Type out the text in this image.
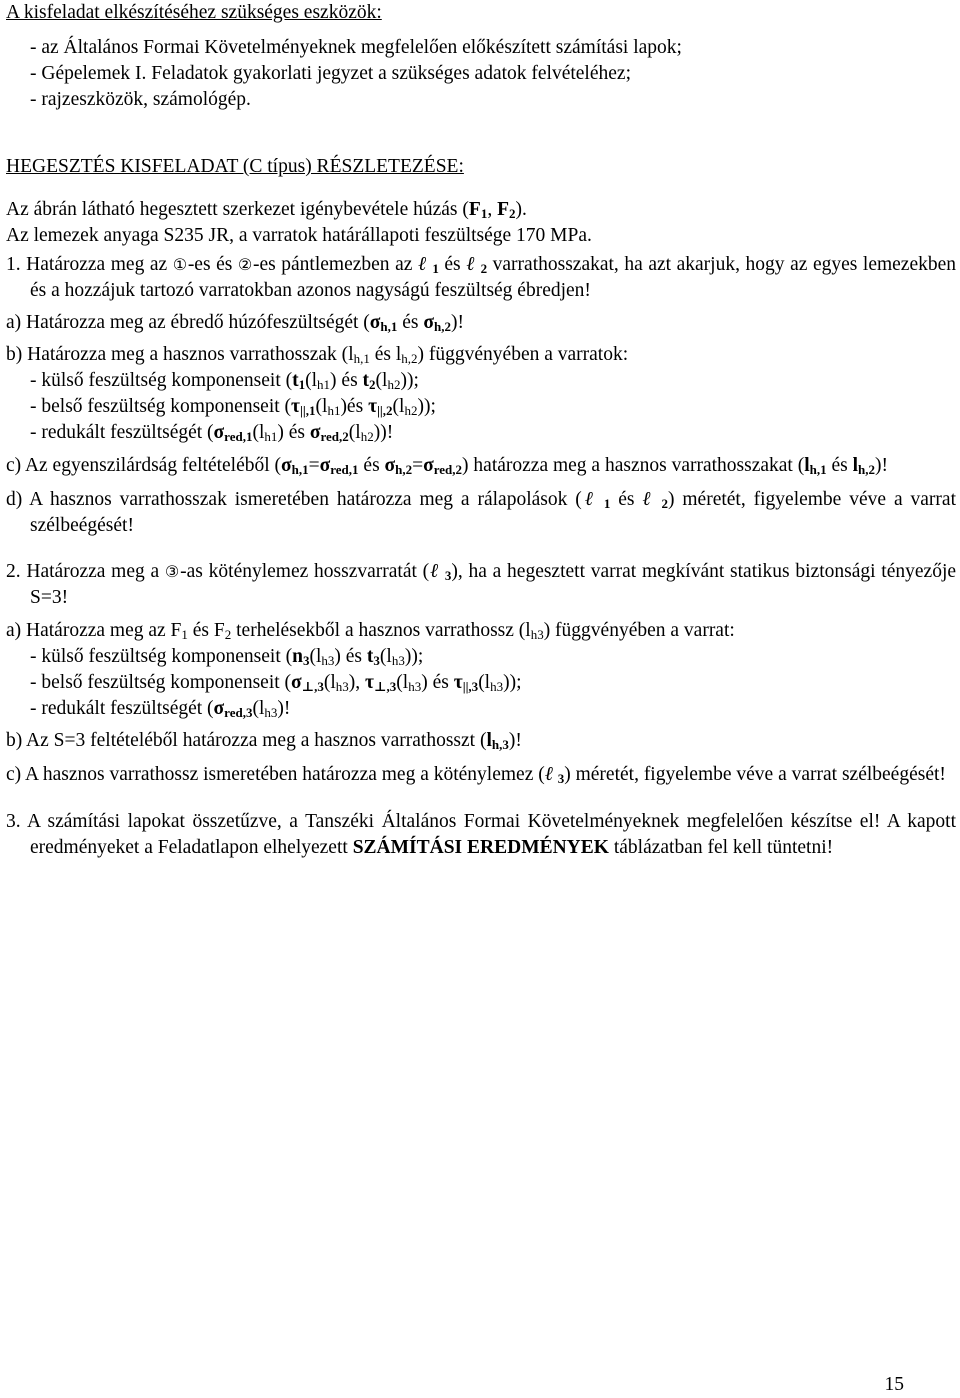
A kisfeladat elkészítéséhez szükséges eszközök:
- az Általános Formai Követelményeknek megfelelően előkészített számítási lapok;
- Gépelemek I. Feladatok gyakorlati jegyzet a szükséges adatok felvételéhez;
- rajzeszközök, számológép.
HEGESZTÉS KISFELADAT (C típus) RÉSZLETEZÉSE:
Az ábrán látható hegesztett szerkezet igénybevétele húzás ($F_1$, $F_2$).
Az lemezek anyaga S235 JR, a varratok határállapoti feszültsége 170 MPa.
1. Határozza meg az ①-es és ②-es pántlemezben az ℓ $_1$ és ℓ $_2$ varrathosszakat, ha azt akarjuk, hogy az egyes lemezekben és a hozzájuk tartozó varratokban azonos nagyságú feszültség ébredjen!
a) Határozza meg az ébredő húzófeszültségét ($\sigma_{h,1}$ és $\sigma_{h,2}$)!
b) Határozza meg a hasznos varrathosszak ($l_{h,1}$ és $l_{h,2}$) függvényében a varratok:
- külső feszültség komponenseit ($t_1(l_{h1})$ és $t_2(l_{h2})$);
- belső feszültség komponenseit ($\tau_{||,1}(l_{h1})és$ $\tau_{||,2}(l_{h2})$);
- redukált feszültségét ($\sigma_{red,1}(l_{h1})$ és $\sigma_{red,2}(l_{h2})$)!
c) Az egyenszilárdság feltételéből ($\sigma_{h,1}=\sigma_{red,1}$ és $\sigma_{h,2}=\sigma_{red,2}$) határozza meg a hasznos varrathosszakat ($l_{h,1}$ és $l_{h,2}$)!
d) A hasznos varrathosszak ismeretében határozza meg a rálapolások (ℓ $_1$ és ℓ $_2$) méretét, figyelembe véve a varrat szélbeégését!
2. Határozza meg a ③-as köténylemez hosszvarratát (ℓ $_3$), ha a hegesztett varrat megkívánt statikus biztonsági tényezője S=3!
a) Határozza meg az $F_1$ és $F_2$ terhelésekből a hasznos varrathossz $(l_{h3})$ függvényében a varrat:
- külső feszültség komponenseit ($n_3(l_{h3})$ és $t_3(l_{h3})$);
- belső feszültség komponenseit ($\sigma_{\perp,3}(l_{h3})$, $\tau_{\perp,3}(l_{h3})$ és $\tau_{||,3}(l_{h3})$);
- redukált feszültségét ($\sigma_{red,3}(l_{h3})$!
b) Az S=3 feltételéből határozza meg a hasznos varrathosszt $(l_{h,3})$!
c) A hasznos varrathossz ismeretében határozza meg a köténylemez (ℓ $_3$) méretét, figyelembe véve a varrat szélbeégését!
3. A számítási lapokat összetűzve, a Tanszéki Általános Formai Követelményeknek megfelelően készítse el! A kapott eredményeket a Feladatlapon elhelyezett SZÁMÍTÁSI EREDMÉNYEK táblázatban fel kell tüntetni!
15
